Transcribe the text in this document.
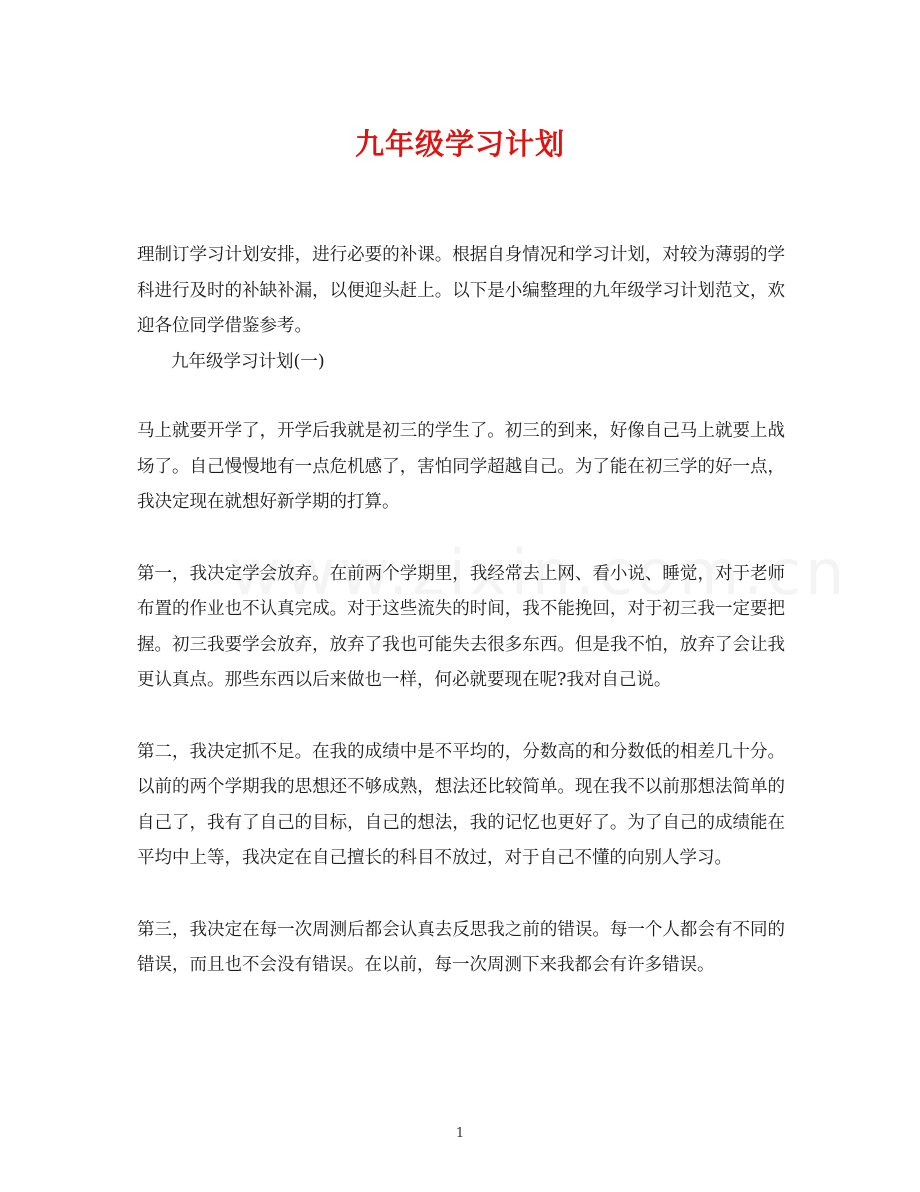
九年级学习计划

理制订学习计划安排，进行必要的补课。根据自身情况和学习计划，对较为薄弱的学科进行及时的补缺补漏，以便迎头赶上。以下是小编整理的九年级学习计划范文，欢迎各位同学借鉴参考。

九年级学习计划(一)

马上就要开学了，开学后我就是初三的学生了。初三的到来，好像自己马上就要上战场了。自己慢慢地有一点危机感了，害怕同学超越自己。为了能在初三学的好一点，我决定现在就想好新学期的打算。

第一，我决定学会放弃。在前两个学期里，我经常去上网、看小说、睡觉，对于老师布置的作业也不认真完成。对于这些流失的时间，我不能挽回，对于初三我一定要把握。初三我要学会放弃，放弃了我也可能失去很多东西。但是我不怕，放弃了会让我更认真点。那些东西以后来做也一样，何必就要现在呢?我对自己说。

第二，我决定抓不足。在我的成绩中是不平均的，分数高的和分数低的相差几十分。以前的两个学期我的思想还不够成熟，想法还比较简单。现在我不以前那想法简单的自己了，我有了自己的目标，自己的想法，我的记忆也更好了。为了自己的成绩能在平均中上等，我决定在自己擅长的科目不放过，对于自己不懂的向别人学习。

第三，我决定在每一次周测后都会认真去反思我之前的错误。每一个人都会有不同的错误，而且也不会没有错误。在以前，每一次周测下来我都会有许多错误。

1
